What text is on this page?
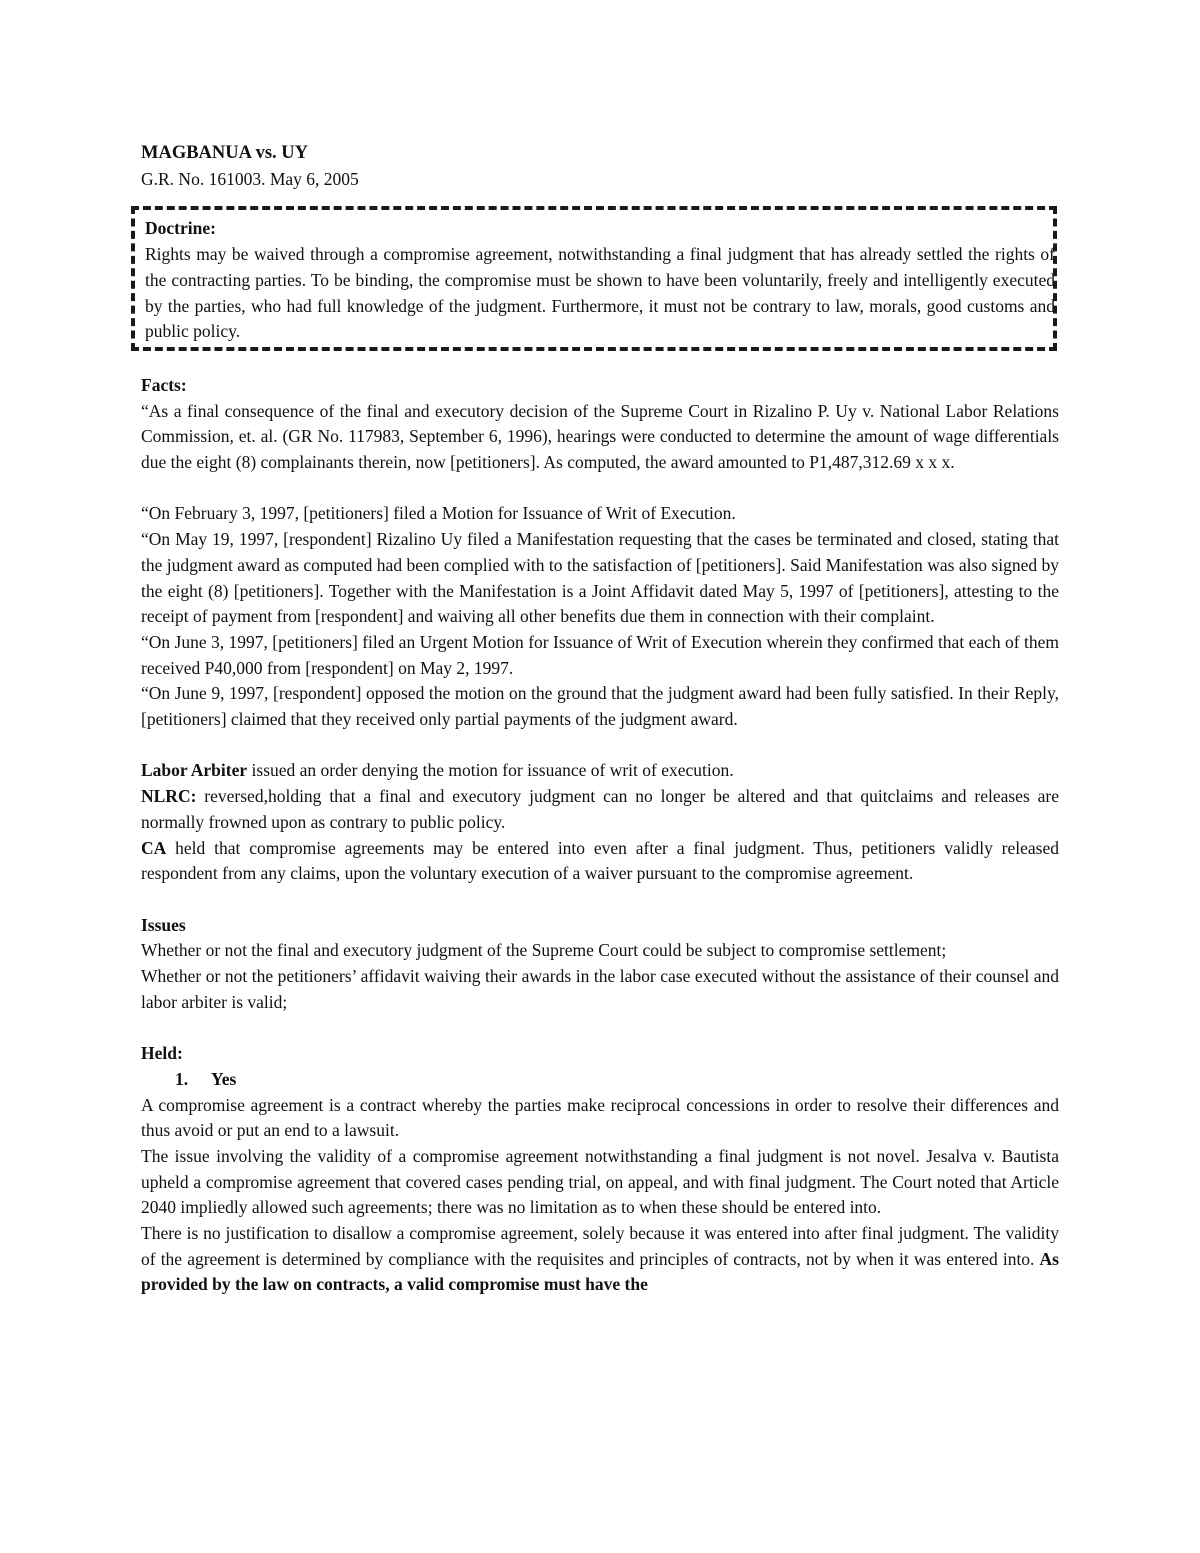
MAGBANUA vs. UY
G.R. No. 161003. May 6, 2005
Doctrine:

Rights may be waived through a compromise agreement, notwithstanding a final judgment that has already settled the rights of the contracting parties. To be binding, the compromise must be shown to have been voluntarily, freely and intelligently executed by the parties, who had full knowledge of the judgment. Furthermore, it must not be contrary to law, morals, good customs and public policy.

Facts:

“As a final consequence of the final and executory decision of the Supreme Court in Rizalino P. Uy v. National Labor Relations Commission, et. al. (GR No. 117983, September 6, 1996), hearings were conducted to determine the amount of wage differentials due the eight (8) complainants therein, now [petitioners]. As computed, the award amounted to P1,487,312.69 x x x.

“On February 3, 1997, [petitioners] filed a Motion for Issuance of Writ of Execution.

“On May 19, 1997, [respondent] Rizalino Uy filed a Manifestation requesting that the cases be terminated and closed, stating that the judgment award as computed had been complied with to the satisfaction of [petitioners]. Said Manifestation was also signed by the eight (8) [petitioners]. Together with the Manifestation is a Joint Affidavit dated May 5, 1997 of [petitioners], attesting to the receipt of payment from [respondent] and waiving all other benefits due them in connection with their complaint.

“On June 3, 1997, [petitioners] filed an Urgent Motion for Issuance of Writ of Execution wherein they confirmed that each of them received P40,000 from [respondent] on May 2, 1997.

“On June 9, 1997, [respondent] opposed the motion on the ground that the judgment award had been fully satisfied. In their Reply, [petitioners] claimed that they received only partial payments of the judgment award.

Labor Arbiter issued an order denying the motion for issuance of writ of execution.

NLRC: reversed,holding that a final and executory judgment can no longer be altered and that quitclaims and releases are normally frowned upon as contrary to public policy.

CA held that compromise agreements may be entered into even after a final judgment. Thus, petitioners validly released respondent from any claims, upon the voluntary execution of a waiver pursuant to the compromise agreement.

Issues

Whether or not the final and executory judgment of the Supreme Court could be subject to compromise settlement;

Whether or not the petitioners’ affidavit waiving their awards in the labor case executed without the assistance of their counsel and labor arbiter is valid;

Held:
1. Yes

A compromise agreement is a contract whereby the parties make reciprocal concessions in order to resolve their differences and thus avoid or put an end to a lawsuit.

The issue involving the validity of a compromise agreement notwithstanding a final judgment is not novel. Jesalva v. Bautista upheld a compromise agreement that covered cases pending trial, on appeal, and with final judgment. The Court noted that Article 2040 impliedly allowed such agreements; there was no limitation as to when these should be entered into.

There is no justification to disallow a compromise agreement, solely because it was entered into after final judgment. The validity of the agreement is determined by compliance with the requisites and principles of contracts, not by when it was entered into. As provided by the law on contracts, a valid compromise must have the
